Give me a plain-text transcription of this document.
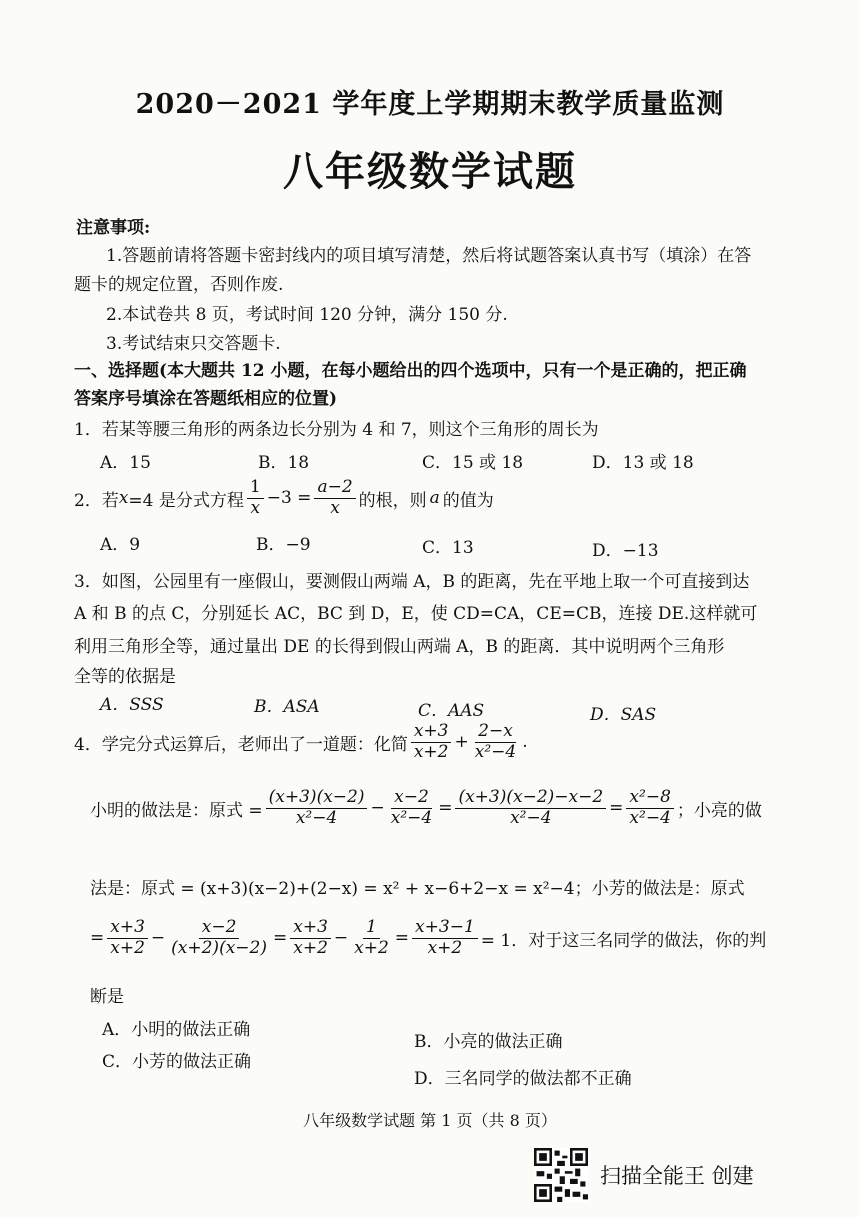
2020－2021 学年度上学期期末教学质量监测
八年级数学试题
注意事项:
1.答题前请将答题卡密封线内的项目填写清楚，然后将试题答案认真书写（填涂）在答
题卡的规定位置，否则作废.
2.本试卷共 8 页，考试时间 120 分钟，满分 150 分.
3.考试结束只交答题卡.
一、选择题(本大题共 12 小题，在每小题给出的四个选项中，只有一个是正确的，把正确
答案序号填涂在答题纸相应的位置)
1．若某等腰三角形的两条边长分别为 4 和 7，则这个三角形的周长为
A．15	B．18	C．15 或 18	D．13 或 18
2．若 x =4 是分式方程 $\frac{1}{x} -3 = \frac{a-2}{x}$ 的根，则 a 的值为
A．9	B．−9	C．13	D．−13
3．如图，公园里有一座假山，要测假山两端 A，B 的距离，先在平地上取一个可直接到达
A 和 B 的点 C，分别延长 AC，BC 到 D，E，使 CD=CA，CE=CB，连接 DE.这样就可
利用三角形全等，通过量出 DE 的长得到假山两端 A，B 的距离．其中说明两个三角形
全等的依据是
A．SSS	B．ASA	C．AAS	D．SAS
4．学完分式运算后，老师出了一道题：化简 $\frac{x+3}{x+2} + \frac{2-x}{\text{x²−4}}$ .
小明的做法是：原式 = $\frac{(x+3)(x-2)}{\text{x²−4}} - \frac{x-2}{\text{x²−4}} = \frac{(x+3)(x-2)-x-2}{\text{x²−4}} = \frac{\text{x²−8}}{\text{x²−4}}$ ；小亮的做
法是：原式 = (x+3)(x−2)+(2−x) = x² + x−6+2−x = x²−4；小芳的做法是：原式
= $\frac{x+3}{x+2} - \frac{x-2}{(x+2)(x-2)} = \frac{x+3}{x+2} - \frac{1}{x+2} = \frac{x+3-1}{x+2} = 1$．对于这三名同学的做法，你的判
断是
A．小明的做法正确
B．小亮的做法正确
C．小芳的做法正确
D．三名同学的做法都不正确
八年级数学试题 第 1 页（共 8 页）
扫描全能王 创建
